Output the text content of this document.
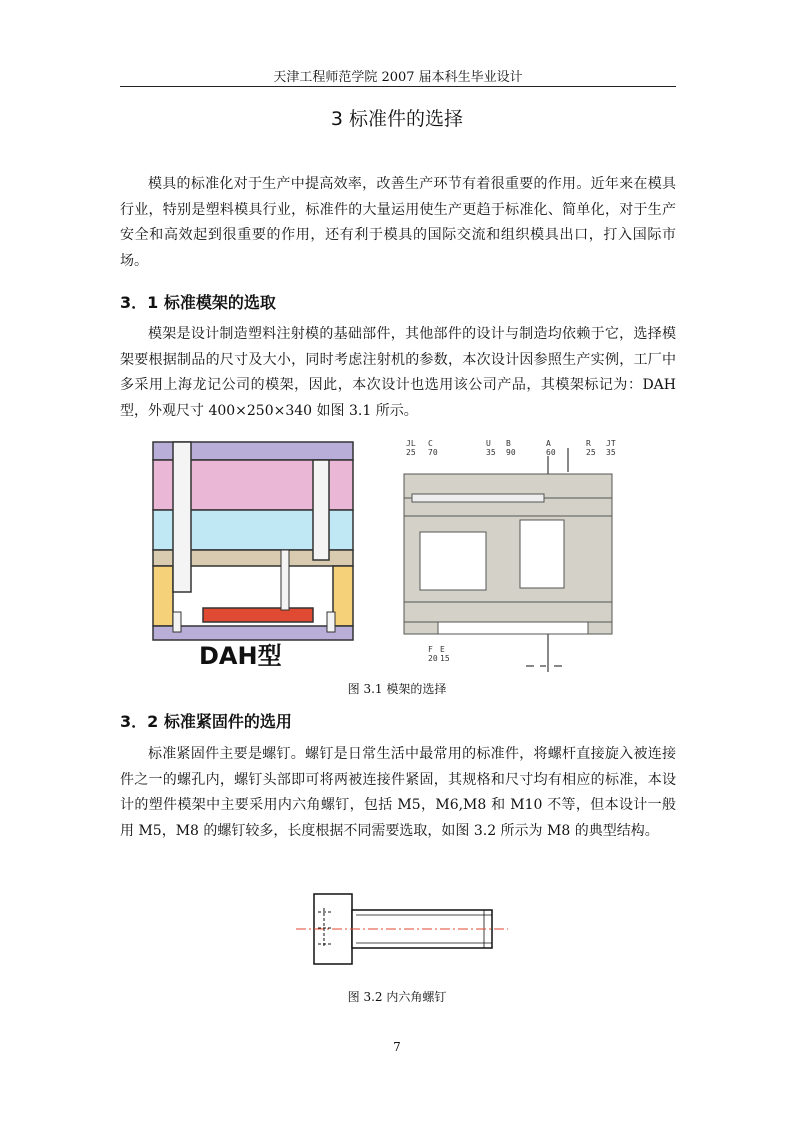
天津工程师范学院 2007 届本科生毕业设计
3 标准件的选择

模具的标准化对于生产中提高效率，改善生产环节有着很重要的作用。近年来在模具行业，特别是塑料模具行业，标准件的大量运用使生产更趋于标准化、简单化，对于生产安全和高效起到很重要的作用，还有利于模具的国际交流和组织模具出口，打入国际市场。

3．1 标准模架的选取

模架是设计制造塑料注射模的基础部件，其他部件的设计与制造均依赖于它，选择模架要根据制品的尺寸及大小，同时考虑注射机的参数，本次设计因参照生产实例，工厂中多采用上海龙记公司的模架，因此，本次设计也选用该公司产品，其模架标记为：DAH 型，外观尺寸 400×250×340 如图 3.1 所示。

DAH型
JL
25
C
70
U
35
B
90
A
60
R
25
JT
35
F
20
E
15
图 3.1 模架的选择
3．2 标准紧固件的选用

标准紧固件主要是螺钉。螺钉是日常生活中最常用的标准件，将螺杆直接旋入被连接件之一的螺孔内，螺钉头部即可将两被连接件紧固，其规格和尺寸均有相应的标准，本设计的塑件模架中主要采用内六角螺钉，包括 M5，M6,M8 和 M10 不等，但本设计一般用 M5，M8 的螺钉较多，长度根据不同需要选取，如图 3.2 所示为 M8 的典型结构。

图 3.2 内六角螺钉
7
